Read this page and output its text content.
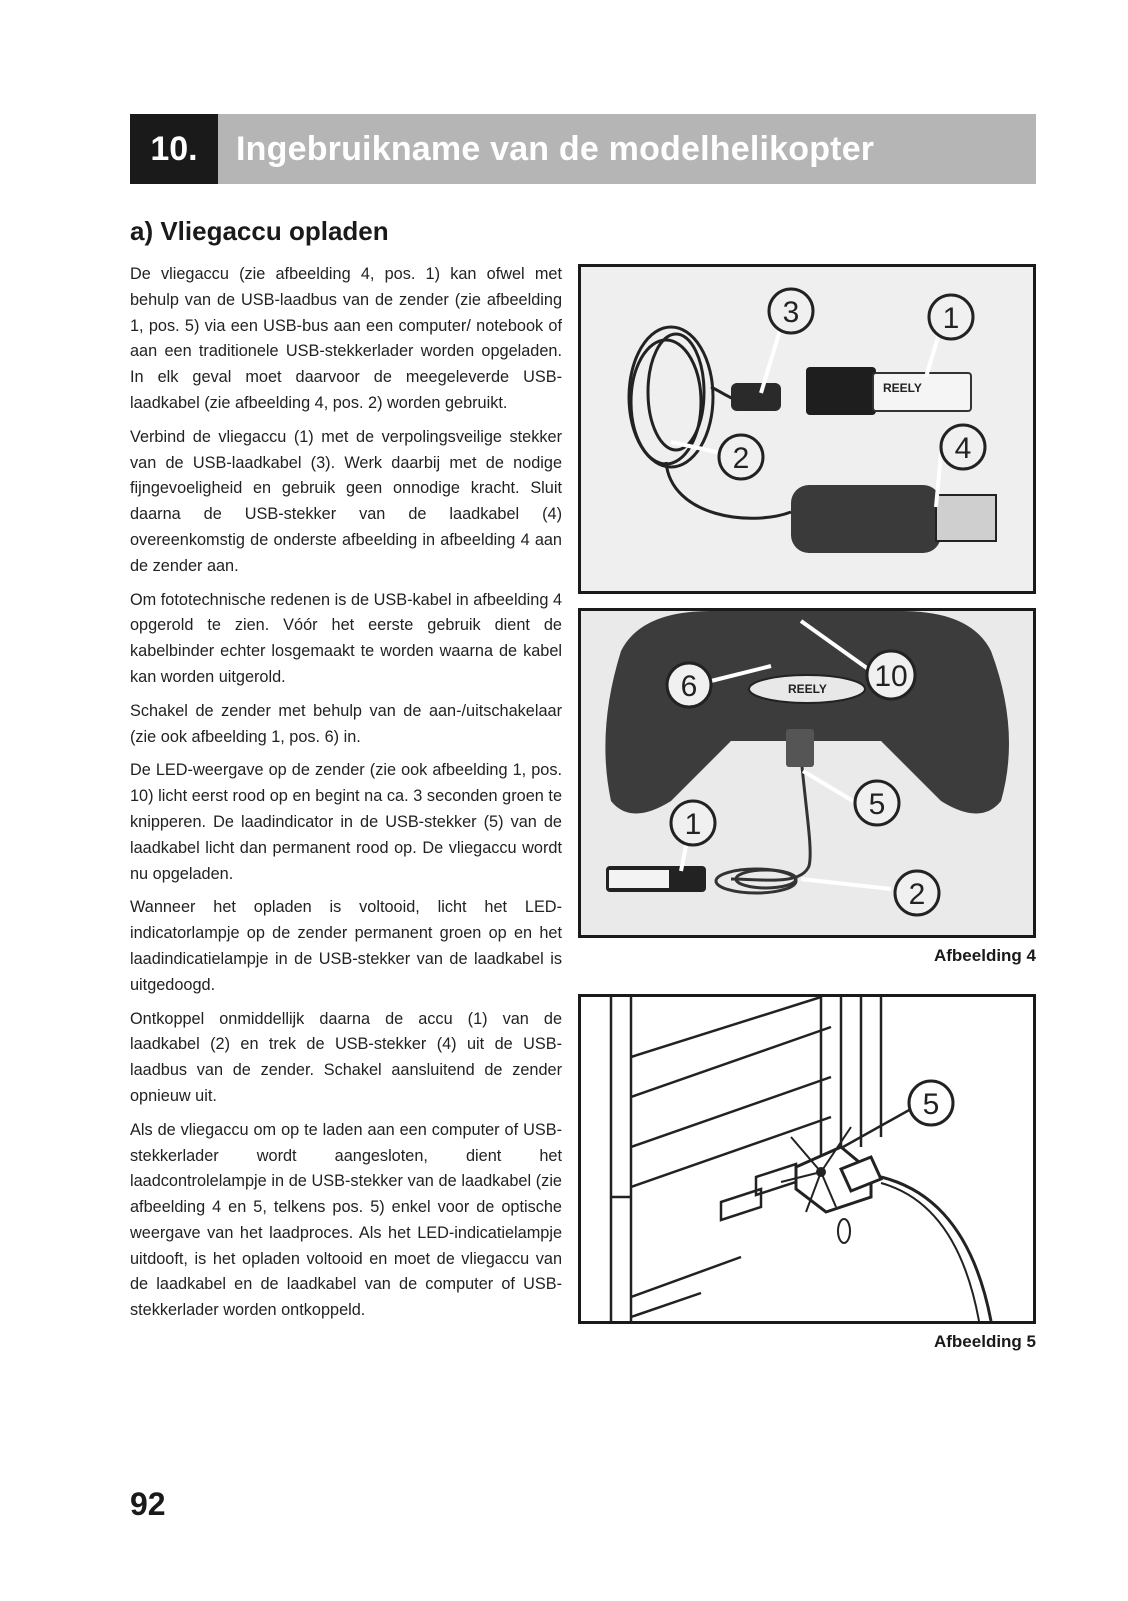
10.	Ingebruikname van de modelhelikopter
a) Vliegaccu opladen

De vliegaccu (zie afbeelding 4, pos. 1) kan ofwel met behulp van de USB-laadbus van de zender (zie afbeelding 1, pos. 5) via een USB-bus aan een computer/ notebook of aan een traditionele USB-stekkerlader worden opgeladen. In elk geval moet daarvoor de meegeleverde USB-laadkabel (zie afbeelding 4, pos. 2) worden gebruikt.

Verbind de vliegaccu (1) met de verpolingsveilige stekker van de USB-laadkabel (3). Werk daarbij met de nodige fijngevoeligheid en gebruik geen onnodige kracht. Sluit daarna de USB-stekker van de laadkabel (4) overeenkomstig de onderste afbeelding in afbeelding 4 aan de zender aan.

Om fototechnische redenen is de USB-kabel in afbeelding 4 opgerold te zien. Vóór het eerste gebruik dient de kabelbinder echter losgemaakt te worden waarna de kabel kan worden uitgerold.

Schakel de zender met behulp van de aan-/uitschakelaar (zie ook afbeelding 1, pos. 6) in.

De LED-weergave op de zender (zie ook afbeelding 1, pos. 10) licht eerst rood op en begint na ca. 3 seconden groen te knipperen. De laadindicator in de USB-stekker (5) van de laadkabel licht dan permanent rood op. De vliegaccu wordt nu opgeladen.

Wanneer het opladen is voltooid, licht het LED-indicatorlampje op de zender permanent groen op en het laadindicatielampje in de USB-stekker van de laadkabel is uitgedoogd.

Ontkoppel onmiddellijk daarna de accu (1) van de laadkabel (2) en trek de USB-stekker (4) uit de USB-laadbus van de zender. Schakel aansluitend de zender opnieuw uit.

Als de vliegaccu om op te laden aan een computer of USB-stekkerlader wordt aangesloten, dient het laadcontrolelampje in de USB-stekker van de laadkabel (zie afbeelding 4 en 5, telkens pos. 5) enkel voor de optische weergave van het laadproces. Als het LED-indicatielampje uitdooft, is het opladen voltooid en moet de vliegaccu van de laadkabel en de laadkabel van de computer of USB-stekkerlader worden ontkoppeld.

REELY
3	1
2	4
REELY
6	10
5
1
2
Afbeelding 4
5
Afbeelding 5
92
